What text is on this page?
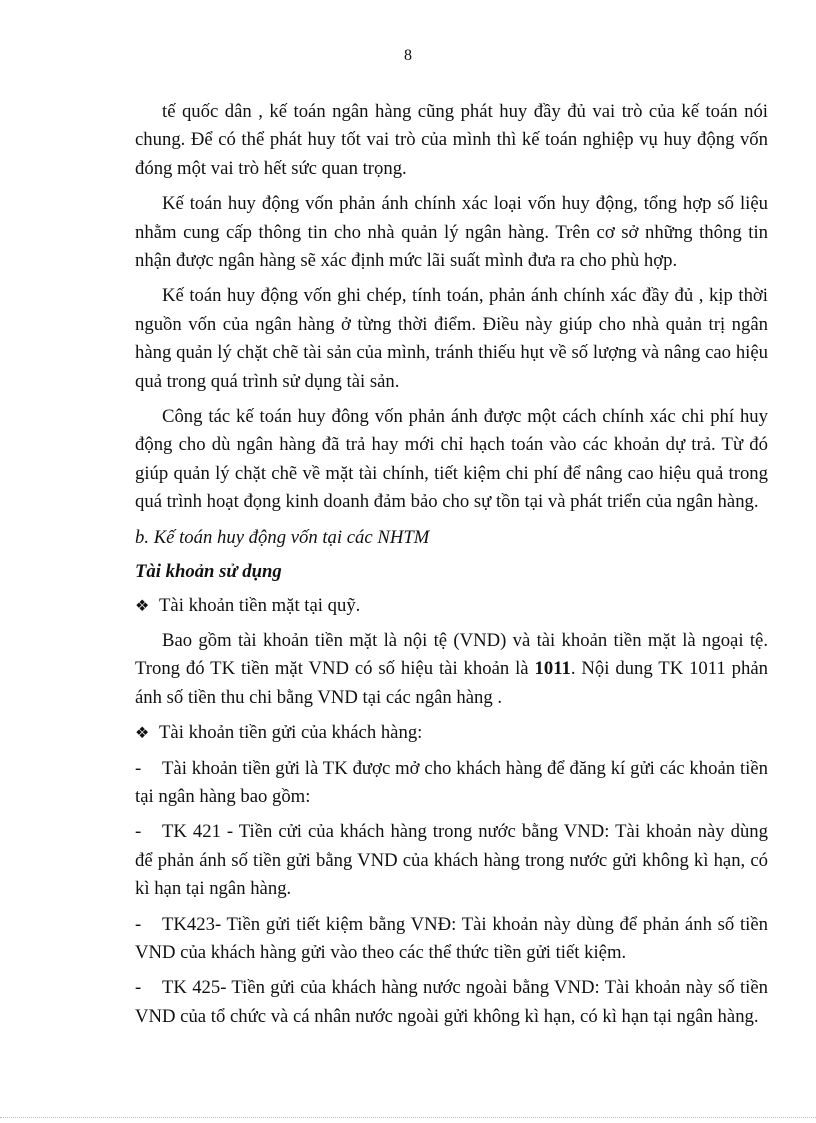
8

tế quốc dân , kế toán ngân hàng cũng phát huy đầy đủ vai trò của kế toán nói chung. Để có thể phát huy tốt vai trò của mình thì kế toán nghiệp vụ huy động vốn đóng một vai trò hết sức quan trọng.

Kế toán huy động vốn phản ánh chính xác loại vốn huy động, tổng hợp số liệu nhằm cung cấp thông tin cho nhà quản lý ngân hàng. Trên cơ sở những thông tin nhận được ngân hàng sẽ xác định mức lãi suất mình đưa ra cho phù hợp.

Kế toán huy động vốn ghi chép, tính toán, phản ánh chính xác đầy đủ , kịp thời nguồn vốn của ngân hàng ở từng thời điểm. Điều này giúp cho nhà quản trị ngân hàng quản lý chặt chẽ tài sản của mình, tránh thiếu hụt về số lượng và nâng cao hiệu quả trong quá trình sử dụng tài sản.

Công tác kế toán huy đông vốn phản ánh được một cách chính xác chi phí huy động cho dù ngân hàng đã trả hay mới chỉ hạch toán vào các khoản dự trả. Từ đó giúp quản lý chặt chẽ về mặt tài chính, tiết kiệm chi phí để nâng cao hiệu quả trong quá trình hoạt đọng kinh doanh đảm bảo cho sự tồn tại và phát triển của ngân hàng.

b. Kế toán huy động vốn tại các NHTM
Tài khoản sử dụng
❖ Tài khoản tiền mặt tại quỹ.

Bao gồm tài khoản tiền mặt là nội tệ (VND) và tài khoản tiền mặt là ngoại tệ. Trong đó TK tiền mặt VND có số hiệu tài khoản là 1011. Nội dung TK 1011 phản ánh số tiền thu chi bằng VND tại các ngân hàng .

❖ Tài khoản tiền gửi của khách hàng:
- Tài khoản tiền gửi là TK được mở cho khách hàng để đăng kí gửi các khoản tiền tại ngân hàng bao gồm:
- TK 421 - Tiền cửi của khách hàng trong nước bằng VND: Tài khoản này dùng để phản ánh số tiền gửi bằng VND của khách hàng trong nước gửi không kì hạn, có kì hạn tại ngân hàng.
- TK423- Tiền gửi tiết kiệm bằng VNĐ: Tài khoản này dùng để phản ánh số tiền VND của khách hàng gửi vào theo các thể thức tiền gửi tiết kiệm.
- TK 425- Tiền gửi của khách hàng nước ngoài bằng VND: Tài khoản này số tiền VND của tổ chức và cá nhân nước ngoài gửi không kì hạn, có kì hạn tại ngân hàng.
